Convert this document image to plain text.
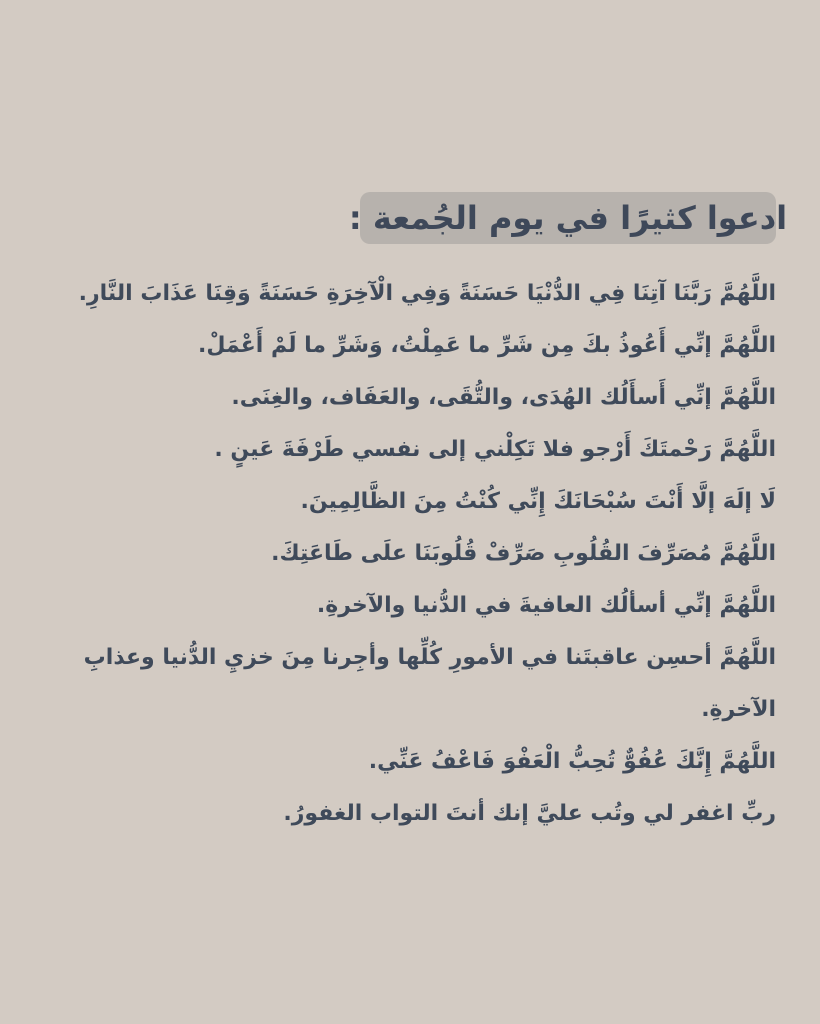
ادعوا كثيرًا في يوم الجُمعة :
اللَّهُمَّ رَبَّنَا آتِنَا فِي الدُّنْيَا حَسَنَةً وَفِي الْآخِرَةِ حَسَنَةً وَقِنَا عَذَابَ النَّارِ.
اللَّهُمَّ إنِّي أَعُوذُ بكَ مِن شَرِّ ما عَمِلْتُ، وَشَرِّ ما لَمْ أَعْمَلْ.
اللَّهُمَّ إنِّي أَسأَلُك الهُدَى، والتُّقَى، والعَفَاف، والغِنَى.
اللَّهُمَّ رَحْمتَكَ أَرْجو فلا تَكِلْني إلى نفسي طَرْفَةَ عَينٍ .
لَا إلَهَ إلَّا أَنْتَ سُبْحَانَكَ إِنِّي كُنْتُ مِنَ الظَّالِمِينَ.
اللَّهُمَّ مُصَرِّفَ القُلُوبِ صَرِّفْ قُلُوبَنَا علَى طَاعَتِكَ.
اللَّهُمَّ إنِّي أسألُك العافيةَ في الدُّنيا والآخرةِ.
اللَّهُمَّ أحسِن عاقبتَنا في الأمورِ كُلِّها وأجِرنا مِنَ خزيِ الدُّنيا وعذابِ الآخرةِ.
اللَّهُمَّ إِنَّكَ عُفُوٌّ تُحِبُّ الْعَفْوَ فَاعْفُ عَنِّي.
ربِّ اغفر لي وتُب عليَّ إنك أنتَ التواب الغفورُ.
